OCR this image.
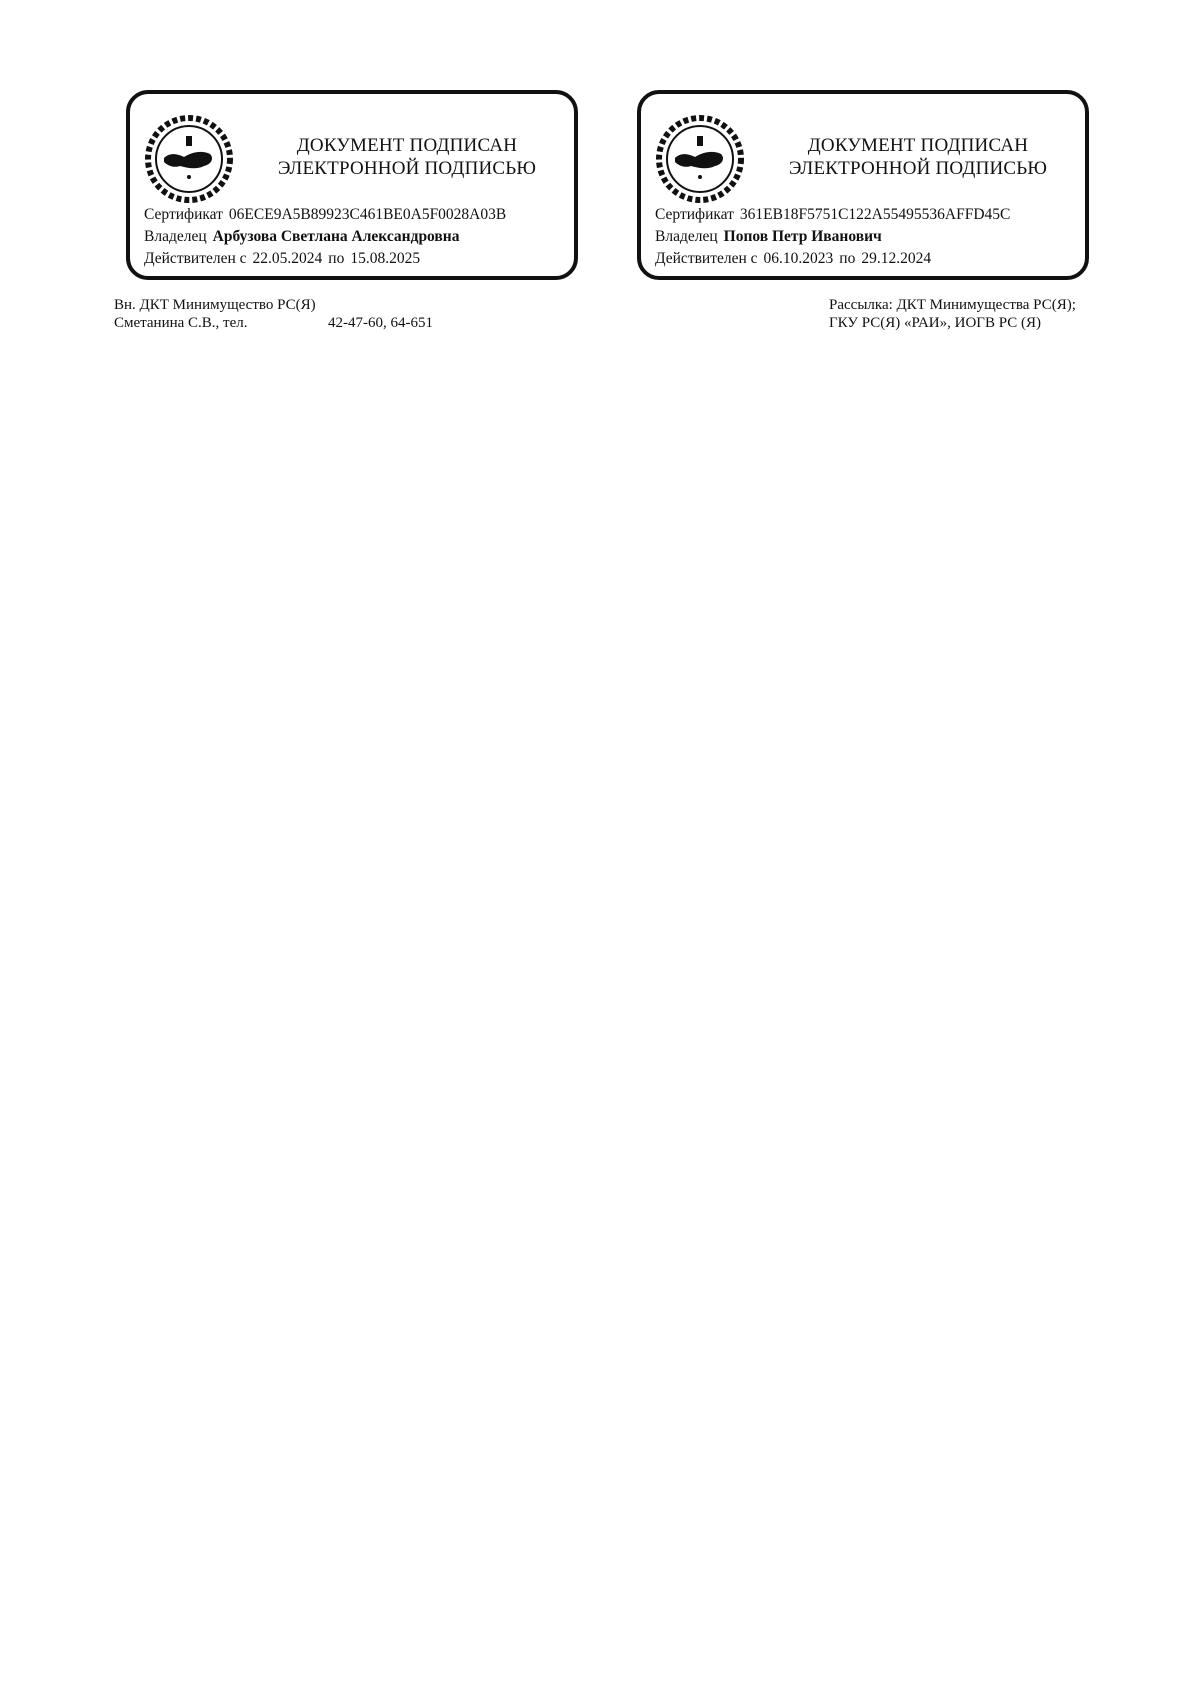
ДОКУМЕНТ ПОДПИСАН
ЭЛЕКТРОННОЙ ПОДПИСЬЮ
Сертификат 06ECE9A5B89923C461BE0A5F0028A03B
Владелец Арбузова Светлана Александровна
Действителен с 22.05.2024 по 15.08.2025
ДОКУМЕНТ ПОДПИСАН
ЭЛЕКТРОННОЙ ПОДПИСЬЮ
Сертификат 361EB18F5751C122A55495536AFFD45C
Владелец Попов Петр Иванович
Действителен с 06.10.2023 по 29.12.2024
Вн. ДКТ Минимущество РС(Я)
Сметанина С.В., тел.	42-47-60, 64-651
Рассылка: ДКТ Минимущества РС(Я);
ГКУ РС(Я) «РАИ», ИОГВ РС (Я)
